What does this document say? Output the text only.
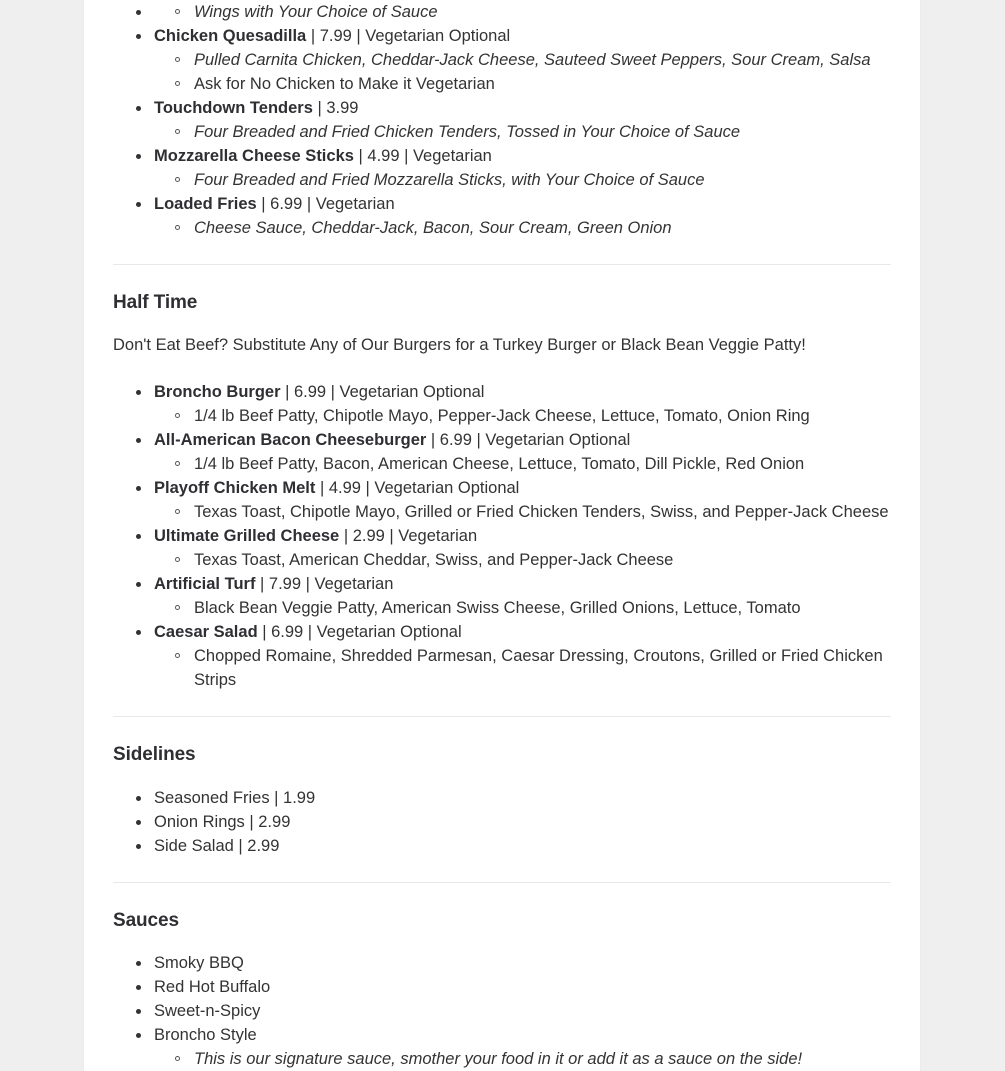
Wings with Your Choice of Sauce
Chicken Quesadilla | 7.99 | Vegetarian Optional
Pulled Carnita Chicken, Cheddar-Jack Cheese, Sauteed Sweet Peppers, Sour Cream, Salsa
Ask for No Chicken to Make it Vegetarian
Touchdown Tenders | 3.99
Four Breaded and Fried Chicken Tenders, Tossed in Your Choice of Sauce
Mozzarella Cheese Sticks | 4.99 | Vegetarian
Four Breaded and Fried Mozzarella Sticks, with Your Choice of Sauce
Loaded Fries | 6.99 | Vegetarian
Cheese Sauce, Cheddar-Jack, Bacon, Sour Cream, Green Onion
Half Time

Don't Eat Beef? Substitute Any of Our Burgers for a Turkey Burger or Black Bean Veggie Patty!

Broncho Burger | 6.99 | Vegetarian Optional
1/4 lb Beef Patty, Chipotle Mayo, Pepper-Jack Cheese, Lettuce, Tomato, Onion Ring
All-American Bacon Cheeseburger | 6.99 | Vegetarian Optional
1/4 lb Beef Patty, Bacon, American Cheese, Lettuce, Tomato, Dill Pickle, Red Onion
Playoff Chicken Melt | 4.99 | Vegetarian Optional
Texas Toast, Chipotle Mayo, Grilled or Fried Chicken Tenders, Swiss, and Pepper-Jack Cheese
Ultimate Grilled Cheese | 2.99 | Vegetarian
Texas Toast, American Cheddar, Swiss, and Pepper-Jack Cheese
Artificial Turf | 7.99 | Vegetarian
Black Bean Veggie Patty, American Swiss Cheese, Grilled Onions, Lettuce, Tomato
Caesar Salad | 6.99 | Vegetarian Optional
Chopped Romaine, Shredded Parmesan, Caesar Dressing, Croutons, Grilled or Fried Chicken Strips
Sidelines
Seasoned Fries | 1.99
Onion Rings | 2.99
Side Salad | 2.99
Sauces
Smoky BBQ
Red Hot Buffalo
Sweet-n-Spicy
Broncho Style
This is our signature sauce, smother your food in it or add it as a sauce on the side!
